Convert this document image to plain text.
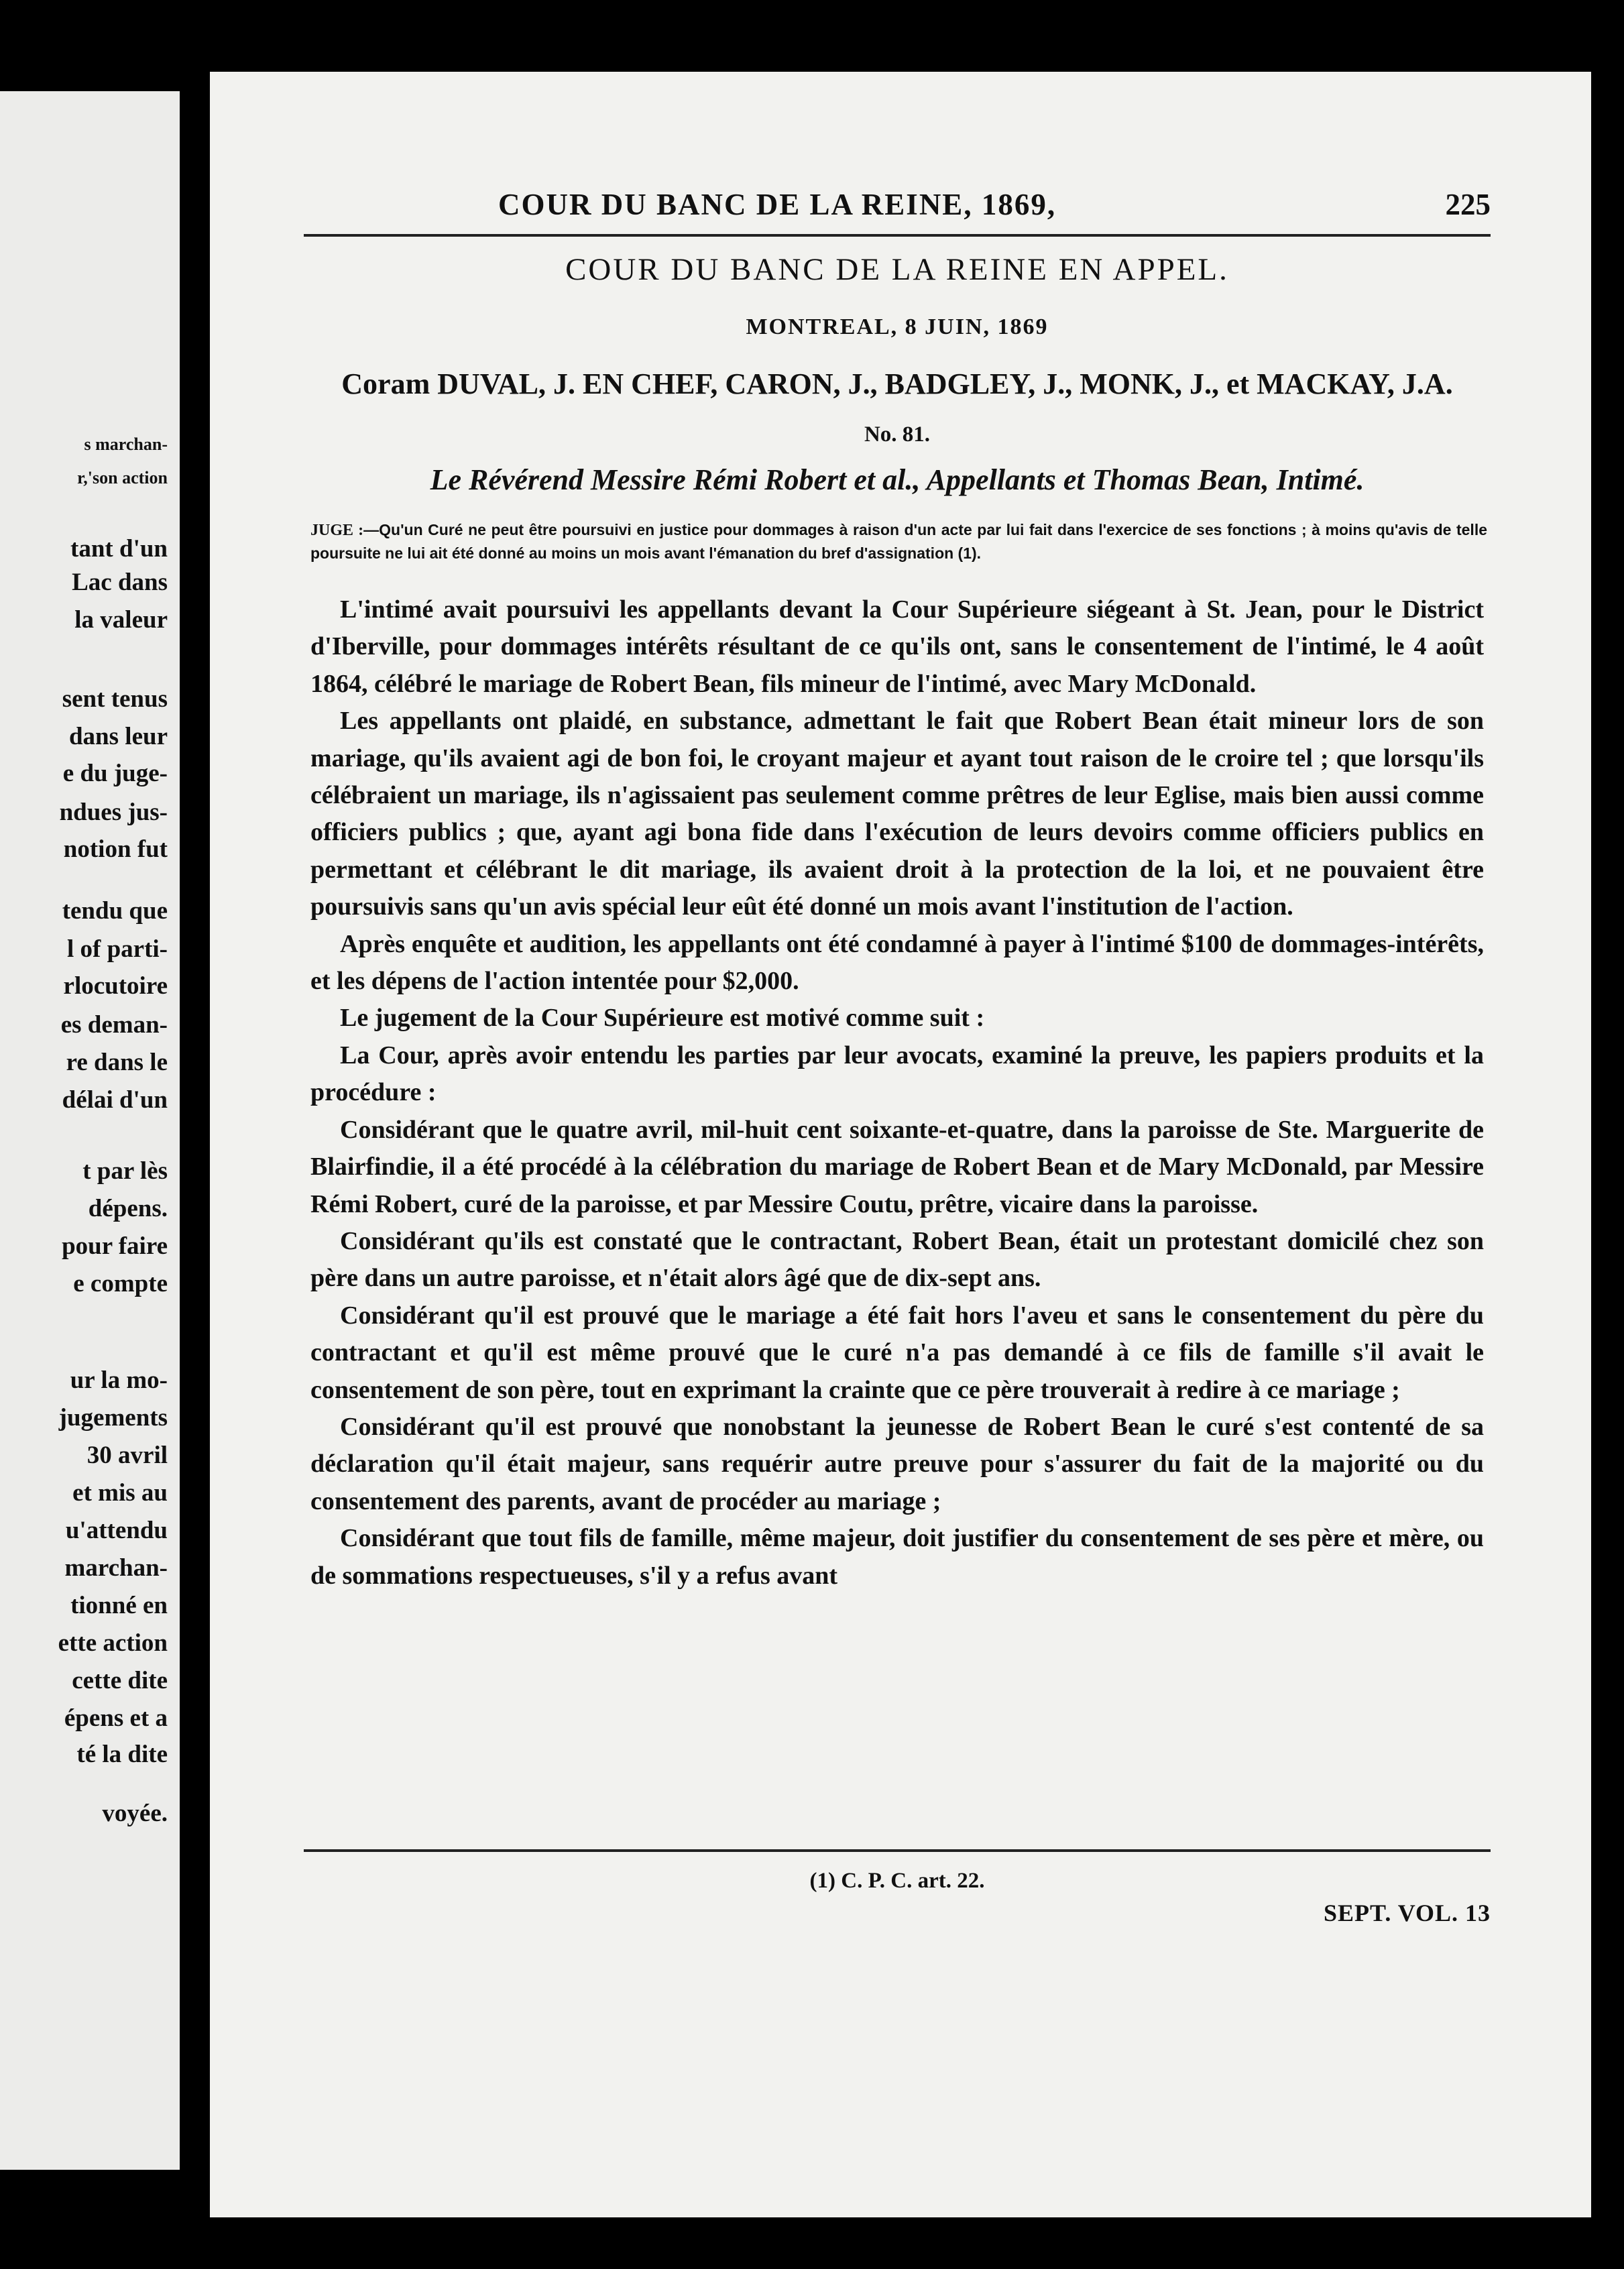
s marchan-
r,'son action
tant d'un
Lac dans
la valeur
sent tenus
dans leur
e du juge-
ndues jus-
notion fut
tendu que
l of parti-
rlocutoire
es deman-
re dans le
délai d'un
t par lès
dépens.
pour faire
e compte
ur la mo-
jugements
30 avril
et mis au
u'attendu
marchan-
tionné en
ette action
cette dite
épens et a
té la dite
voyée.
COUR DU BANC DE LA REINE, 1869,	225
COUR DU BANC DE LA REINE EN APPEL.
MONTREAL, 8 JUIN, 1869
Coram DUVAL, J. EN CHEF, CARON, J., BADGLEY, J., MONK, J., et MACKAY, J.A.
No. 81.
Le Révérend Messire Rémi Robert et al., Appellants et Thomas Bean, Intimé.
JUGE :—Qu'un Curé ne peut être poursuivi en justice pour dommages à raison d'un acte par lui fait dans l'exercice de ses fonctions ; à moins qu'avis de telle poursuite ne lui ait été donné au moins un mois avant l'émanation du bref d'assignation (1).

L'intimé avait poursuivi les appellants devant la Cour Supérieure siégeant à St. Jean, pour le District d'Iberville, pour dommages intérêts résultant de ce qu'ils ont, sans le consentement de l'intimé, le 4 août 1864, célébré le mariage de Robert Bean, fils mineur de l'intimé, avec Mary McDonald.

Les appellants ont plaidé, en substance, admettant le fait que Robert Bean était mineur lors de son mariage, qu'ils avaient agi de bon foi, le croyant majeur et ayant tout raison de le croire tel ; que lorsqu'ils célébraient un mariage, ils n'agissaient pas seulement comme prêtres de leur Eglise, mais bien aussi comme officiers publics ; que, ayant agi bona fide dans l'exécution de leurs devoirs comme officiers publics en permettant et célébrant le dit mariage, ils avaient droit à la protection de la loi, et ne pouvaient être poursuivis sans qu'un avis spécial leur eût été donné un mois avant l'institution de l'action.

Après enquête et audition, les appellants ont été condamné à payer à l'intimé $100 de dommages-intérêts, et les dépens de l'action intentée pour $2,000.

Le jugement de la Cour Supérieure est motivé comme suit :

La Cour, après avoir entendu les parties par leur avocats, examiné la preuve, les papiers produits et la procédure :

Considérant que le quatre avril, mil-huit cent soixante-et-quatre, dans la paroisse de Ste. Marguerite de Blairfindie, il a été procédé à la célébration du mariage de Robert Bean et de Mary McDonald, par Messire Rémi Robert, curé de la paroisse, et par Messire Coutu, prêtre, vicaire dans la paroisse.

Considérant qu'ils est constaté que le contractant, Robert Bean, était un protestant domicilé chez son père dans un autre paroisse, et n'était alors âgé que de dix-sept ans.

Considérant qu'il est prouvé que le mariage a été fait hors l'aveu et sans le consentement du père du contractant et qu'il est même prouvé que le curé n'a pas demandé à ce fils de famille s'il avait le consentement de son père, tout en exprimant la crainte que ce père trouverait à redire à ce mariage ;

Considérant qu'il est prouvé que nonobstant la jeunesse de Robert Bean le curé s'est contenté de sa déclaration qu'il était majeur, sans requérir autre preuve pour s'assurer du fait de la majorité ou du consentement des parents, avant de procéder au mariage ;

Considérant que tout fils de famille, même majeur, doit justifier du consentement de ses père et mère, ou de sommations respectueuses, s'il y a refus avant

(1) C. P. C. art. 22.
SEPT. VOL. 13
